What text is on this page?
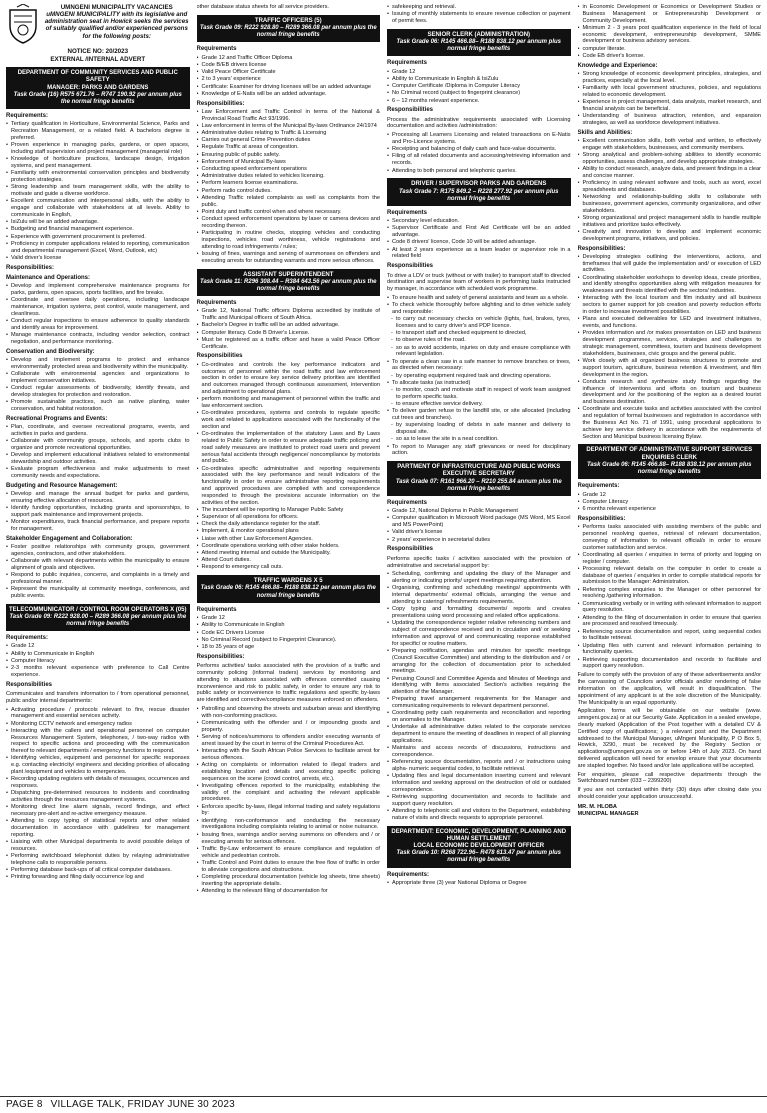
UMNGENI MUNICIPALITY VACANCIES
uMNGENI MUNICIPALITY with its legislative and administration seat in Howick seeks the services of suitably qualified and/or experienced persons for the following posts:
NOTICE NO: 20/2023
EXTERNAL /INTERNAL ADVERT
DEPARTMENT OF COMMUNITY SERVICES AND PUBLIC SAFETY
MANAGER: PARKS AND GARDENS
Task Grade (16) R575 671.76 – R747 190.92 per annum plus the normal fringe benefits
Requirements:
• Tertiary qualification in Horticulture, Environmental Science, Parks and Recreation Management, or a related field. A bachelors degree is preferred.
• Proven experience in managing parks, gardens, or open spaces, including staff supervision and project management (managerial role)
• Knowledge of horticulture practices, landscape design, irrigation systems, and pest management.
• Familiarity with environmental conservation principles and biodiversity protection strategies.
• Strong leadership and team management skills, with the ability to motivate and guide a diverse workforce.
• Excellent communication and interpersonal skills, with the ability to engage and collaborate with stakeholders at all levels. Ability to communicate in English,
• IsiZulu will be an added advantage.
• Budgeting and financial management experience.
• Experience with government procurement is preferred.
• Proficiency in computer applications related to reporting, communication and departmental management (Excel, Word, Outlook, etc)
• Valid driver's license
Responsibilities:
Maintenance and Operations:
• Develop and implement comprehensive maintenance programs for parks, gardens, open spaces, sports facilities, and fire breaks.
• Coordinate and oversee daily operations, including landscape maintenance, irrigation systems, pest control, waste management, and cleanliness.
• Conduct regular inspections to ensure adherence to quality standards and identify areas for improvement.
• Manage maintenance contracts, including vendor selection, contract negotiation, and performance monitoring.
Conservation and Biodiversity:
• Develop and implement programs to protect and enhance environmentally protected areas and biodiversity within the municipality.
• Collaborate with environmental agencies and organizations to implement conservation initiatives.
• Conduct regular assessments of biodiversity, identify threats, and develop strategies for protection and restoration.
• Promote sustainable practices, such as native planting, water conservation, and habitat restoration.
Recreational Programs and Events:
• Plan, coordinate, and oversee recreational programs, events, and activities in parks and gardens.
• Collaborate with community groups, schools, and sports clubs to organize and promote recreational opportunities.
• Develop and implement educational initiatives related to environmental stewardship and outdoor activities.
• Evaluate program effectiveness and make adjustments to meet community needs and expectations.
Budgeting and Resource Management:
• Develop and manage the annual budget for parks and gardens, ensuring effective allocation of resources.
• Identify funding opportunities, including grants and sponsorships, to support park maintenance and improvement projects.
• Monitor expenditures, track financial performance, and prepare reports for management.
Stakeholder Engagement and Collaboration:
• Foster positive relationships with community groups, government agencies, contractors, and other stakeholders.
• Collaborate with relevant departments within the municipality to ensure alignment of goals and objectives.
• Respond to public inquiries, concerns, and complaints in a timely and professional manner.
• Represent the municipality at community meetings, conferences, and public events.
TELECOMMUNICATOR / CONTROL ROOM OPERATORS X (05)
Task Grade 09: R222 928.00 – R289 366.08 per annum plus the normal fringe benefits
Requirements:
• Grade 12
• Ability to Communicate in English
• Computer literacy
• 2-3 months relevant experience with preference to Call Centre experience.
Responsibilities

Communicates and transfers information to / from operational personnel, public and/or internal departments:

• Activating procedure / protocols relevant to fire, rescue disaster management and essential services activity.
• Monitoring CCTV network and emergency radios
• Interacting with the callers and operational personnel on computer Resources Management System, telephones, / two-way radios with respect to specific actions and proceeding with the communication thereof to relevant departments / emergency functions to respond.
• Identifying vehicles, equipment and personnel for specific responses e.g. contacting electricity/ engineers and deciding priorities of allocating plant /equipment and vehicles to emergencies.
• Recording updating registers with details of messages, occurrences and responses.
• Dispatching pre-determined resources to incidents and coordinating activities through the resources management systems.
• Monitoring direct line alarm signals, record findings, and effect necessary pre-alert and re-active emergency measure.
• Attending to copy typing of statistical reports and other related documentation in accordance with guidelines for management reporting.
• Liaising with other Municipal departments to avoid possible delays of resources.
• Performing switchboard telephonist duties by relaying administrative telephone calls to responsible persons.
• Performing database back-ups of all critical computer databases.
• Printing forwarding and filing daily occurrence log and
other database status sheets for all service providers.
TRAFFIC OFFICERS (5)
Task Grade 09: R222 928.80 – R289 366.08 per annum plus the normal fringe benefits
Requirements
• Grade 12 and Traffic Officer Diploma
• Code B/EB drivers license
• Valid Peace Officer Certificate
• 2 to 3 years' experience
• Certificate: Examiner for driving licenses will be an added advantage
• Knowledge of E-Natis will be an added advantage.
Responsibilities:
• Law Enforcement and Traffic Control in terms of the National & Provincial Road Traffic Act 93/1996.
• Law enforcement in terms of the Municipal By-laws Ordinance 24/1974
• Administrative duties relating to Traffic & Licensing
• Carries out general Crime Prevention duties
• Regulate Traffic at areas of congestion.
• Ensuring public of public safety.
• Enforcement of Municipal By-laws
• Conducting speed enforcement operations
• Administrative duties related to vehicles licensing.
• Perform learners license examinations.
• Perform radio control duties.
• Attending Traffic related complaints as well as complaints from the public.
• Point duty and traffic control when and where necessary.
• Conduct speed enforcement operations by laser or camera devices and recording thereon.
• Participating in routine checks, stopping vehicles and conducting inspections, vehicles road worthiness, vehicle registrations and attending to road infringements / rules;
• Issuing of fines, warnings and serving of summonses on offenders and executing arrests for outstanding warrants and more serious offences.
ASSISTANT SUPERINTENDENT
Task Grade 11: R296 308.44 – R384 643.56 per annum plus the normal fringe benefits
Requirements
• Grade 12, National Traffic officers Diploma accredited by institute of Traffic and Municipal officers of South Africa.
• Bachelor's Degree in traffic will be an added advantage.
• Computer literacy. Code B Driver's License.
• Must be registered as a traffic officer and have a valid Peace Officer Certificate.
Responsibilities
• Co-ordinates and controls the key performance indicators and outcomes of personnel within the road traffic and law enforcement section in order to ensure key service delivery priorities are identified and outcomes managed through continuous assessment, intervention and adjustment to operational plans.
• perform monitoring and management of personnel within the traffic and law enforcement section.
• Co-ordinates procedures, systems and controls to regulate specific work and related to applications associated with the functionality of the section and
• Co-ordinates the implementation of the statutory Laws and By Laws related to Public Safety in order to ensure adequate traffic policing and road safety measures are instituted to protect road users and prevent serious fatal accidents through negligence/ noncompliance by motorists and public.
• Co-ordinates specific administrative and reporting requirements associated with the key performance and result indicators of the functionality in order to ensure administrative reporting requirements and approved procedures are complied with and correspondence responded to through the provisions accurate information on the activities of the section.
• The incumbent will be reporting to Manager Public Safety
• Supervisor of all operations for officers.
• Check the daily attendance register for the staff.
• Implement, & monitor operational plans
• Liaise with other Law Enforcement Agencies.
• Coordinate operations working with other stake holders.
• Attend meeting internal and outside the Municipality.
• Attend Court duties.
• Respond to emergency call outs.
TRAFFIC WARDENS X 5
Task Grade 06: R145 466.88– R188 838.12 per annum plus the normal fringe benefits
Requirements
• Grade 12
• Ability to Communicate in English
• Code EC Drivers License
• No Criminal Record (subject to Fingerprint Clearance).
• 18 to 35 years of age
Responsibilities:

Performs activities/ tasks associated with the provision of a traffic and community policing (informal traders) services by monitoring and attending to situations associated with offences committed causing inconvenience and risk to public safety, in order to ensure any risk to public safety or inconvenience to traffic regulations and specific by-laws are identified and corrective/compliance measures enforced on offenders.

• Patrolling and observing the streets and suburban areas and identifying with non-conforming practices.
• Communicating with the offender and / or impounding goods and property.
• Serving of notices/summons to offenders and/or executing warrants of arrest issued by the court in terms of the Criminal Procedures Act.
• Interacting with the South African Police Services to facilitate arrest for serious offences.
• Acting on complaints or information related to illegal traders and establishing location and details and executing specific policing sequences on the scene (crowd control, arrests, etc.).
• Investigating offences reported to the municipality, establishing the validity of the complaint and activating the relevant applicable procedures.
• Enforces specific by-laws, illegal informal trading and safety regulations by:
• identifying non-conformance and conducting the necessary investigations including complaints relating to animal or noise nuisance.
• Issuing fines, warnings and/or serving summons on offenders and / or executing arrests for serious offences.
• Traffic By-Law enforcement to ensure compliance and regulation of vehicle and pedestrian controls.
• Traffic Control and Point duties to ensure the free flow of traffic in order to alleviate congestions and obstructions.
• Completing procedural documentation (vehicle log sheets, time sheets) inserting the appropriate details.
• Attending to the relevant filing of documentation for
• safekeeping and retrieval.
• Issuing of monthly statements to ensure revenue collection or payment of permit fees.
SENIOR CLERK (ADMINISTRATION)
Task Grade 06: R145 466.88– R188 838.12 per annum plus normal fringe benefits
Requirements
• Grade 12
• Ability to Communicate in English & IsiZulu
• Computer Certificate /Diploma in Computer Literacy
• No Criminal record (subject to fingerprint clearance)
• 6 – 12 months relevant experience.
Responsibilities

Process the administrative requirements associated with Licensing documentation and activities /administration:

• Processing all Learners Licensing and related transactions on E-Natis and Pro-Licence systems.
• Receipting and balancing of daily cash and face-value documents.
• Filing of all related documents and accessing/retrieving information and records.
• Attending to both personal and telephonic queries.
DRIVER / SUPERVISOR PARKS AND GARDENS
Task Grade 7: R175 849.2 – R228 277.92 per annum plus normal fringe benefits
Requirements
• Secondary level education.
• Supervisor Certificate and First Aid Certificate will be an added advantage.
• Code 8 drivers' licence, Code 10 will be added advantage.
• At least 2 years experience as a team leader or supervisor role in a related field
Responsibilities

To drive a LDV or truck (without or with trailer) to transport staff to directed destination and supervise team of workers in performing tasks instructed by manager, in accordance with scheduled work programme.

• To ensure health and safety of general assistants and team as a whole.
• To check vehicle thoroughly before alighting and to drive vehicle safely and responsible:
- to carry out necessary checks on vehicle (lights, fuel, brakes, tyres, licenses and to carry driver's and PDP licence.
- to transport staff and checked equipment to directed,
- to observe rules of the road.
- so as to avoid accidents, injuries on duty and ensure compliance with relevant legislation.
• To operate a clean saw in a safe manner to remove branches or trees, as directed when necessary:
- by operating equipment required task and directing operations.
• To allocate tasks (as instructed)
- to monitor, coach and motivate staff in respect of work team assigned to perform specific tasks.
- to ensure effective service delivery.
• To deliver garden refuse to the landfill site, or site allocated (including cut trees and branches).
- by supervising loading of debris in safe manner and delivery to disposal site.
- so as to leave the site in a neat condition.
• To report to Manager any staff grievances or need for disciplinary action.
PARTMENT OF INFRASTRUCTURE AND PUBLIC WORKS
EXECUTIVE SECRETARY
Task Grade 07: R161 966.20 – R210 255.84 annum plus the normal fringe benefits
Requirements
• Grade 12, National Diploma in Public Management
• Computer qualification in Microsoft Word package (MS Word, MS Excel and MS PowerPoint)
• Valid driver's license
• 2 years' experience in secretarial duties
Responsibilities

Performs specific tasks / activities associated with the provision of administrative and secretarial support by:

• Scheduling, confirming and updating the diary of the Manager and alerting or indicating priority/ urgent meetings requiring attention.
• Organising, confirming and scheduling meetings/ appointments with internal departments/ external officials, arranging the venue and attending to catering/ refreshments requirements.
• Copy typing and formatting documents/ reports and creates presentations using word processing and related office applications.
• Updating the correspondence register relative referencing numbers and subject of correspondence received and in circulation and/ or seeking information and approval of and communicating response established for specific/ or routine matters.
• Preparing notification, agendas and minutes for specific meetings (Council Executive Committee) and attending to the distribution and / or arranging for the collection of documentation prior to scheduled meetings.
• Perusing Council and Committee Agenda and Minutes of Meetings and identifying with items associated Section's activities requiring the attention of the Manager.
• Preparing travel arrangement requirements for the Manager and communicating requirements to relevant department personnel.
• Coordinating petty cash requirements and reconciliation and reporting on anomalies to the Manager.
• Undertake all administrative duties related to the corporate services department to ensure the meeting of deadlines in respect of all planning applications.
• Maintains and access records of discussions, instructions and correspondence.
• Referencing source documentation, reports and / or instructions using alpha- numeric sequential codes, to facilitate retrieval.
• Updating files and legal documentation inserting current and relevant information and seeking approval on the destruction of old or outdated correspondence.
• Retrieving supporting documentation and records to facilitate and support query resolution.
• Attending to telephonic call and visitors to the Department, establishing nature of visits and directs requests to appropriate personnel.
DEPARTMENT: ECONOMIC, DEVELOPMENT, PLANNING AND HUMAN SETTLEMENT
LOCAL ECONOMIC DEVELOPMENT OFFICER
Task Grade 10: R268 722.96– R478 613.47 per annum plus normal fringe benefits
Requirements:
• Appropriate three (3) year National Diploma or Degree
• in Economic Development or Economics or Development Studies or Business Management or Entrepreneurship Development or Community Development.
• Minimum 2 - 3 years post qualification experience in the field of local economic development, entrepreneurship development, SMME development or business advisory services.
• computer literate.
• Code EB driver's license.
Knowledge and Experience:
• Strong knowledge of economic development principles, strategies, and practices, especially at the local level.
• Familiarity with local government structures, policies, and regulations related to economic development.
• Experience in project management, data analysis, market research, and financial analysis can be beneficial.
• Understanding of business attraction, retention, and expansion strategies, as well as workforce development initiatives.
Skills and Abilities:
• Excellent communication skills, both verbal and written, to effectively engage with stakeholders, businesses, and community members.
• Strong analytical and problem-solving abilities to identify economic opportunities, assess challenges, and develop appropriate strategies.
• Ability to conduct research, analyze data, and present findings in a clear and concise manner.
• Proficiency in using relevant software and tools, such as word, excel spreadsheets and databases.
• Networking and relationship-building skills to collaborate with businesses, government agencies, community organizations, and other stakeholders.
• Strong organizational and project management skills to handle multiple initiatives and prioritize tasks effectively.
• Creativity and innovation to develop and implement economic development programs, initiatives, and policies.
Responsibilities:
• Developing strategies outlining the interventions, actions, and timeframes that will guide the implementation and/ or execution of LED activities.
• Coordinating stakeholder workshops to develop ideas, create priorities, and identify strengths opportunities along with mitigation measures for weaknesses and threats identified with the sectors/ industries.
• Interacting with the local tourism and film industry and all business sectors to garner support for job creation and poverty reduction efforts in order to increase investment possibilities.
• Plans and executed deliverables for LED and investment initiatives, events, and functions.
• Provides information and /or makes presentation on LED and business development programmes, services, strategies and challenges to strategic management, committees, tourism and business development stakeholders, businesses, civic groups and the general public.
• Work closely with all organized business structures to promote and support tourism, agriculture, business retention & investment, and film development in the region.
• Conducts research and synthesize study findings regarding the influence of interventions and efforts on tourism and business development and /or the positioning of the region as a desired tourist and business destination.
• Coordinate and execute tasks and activities associated with the control and regulation of formal businesses and registration in accordance with the Business Act No. 71 of 1991, using procedural applications to achieve key service delivery in accordance with the requirements of Section and Municipal business licensing Bylaw.
DEPARTMENT OF ADMINISTRATIVE SUPPORT SERVICES
ENQUIRIES CLERK
Task Grade 06: R145 466.88– R188 838.12 per annum plus normal fringe benefits
Requirements:
• Grade 12
• Computer Literacy
• 6 months relevant experience
Responsibilities:
• Performs tasks associated with assisting members of the public and personnel resolving queries, retrieval of relevant documentation, conveying of information to relevant official/s in order to ensure customer satisfaction and service.
• Coordinating all queries / enquiries in terms of priority and logging on register / computer.
• Processing relevant details on the computer in order to create a database of queries / enquiries in order to compile statistical reports for submission to the Manager: Administration.
• Referring complex enquiries to the Manager or other personnel for resolving /gathering information.
• Communicating verbally or in writing with relevant information to support query resolution.
• Attending to the filing of documentation in order to ensure that queries are processed and resolved timeously.
• Referencing source documentation and report, using sequential codes to facilitate retrieval.
• Updating files with current and relevant information pertaining to functionality queries.
• Retrieving supporting documentation and records to facilitate and support query resolution.

Failure to comply with the provision of any of these advertisements and/or the canvassing of Councilors and/or officials and/or rendering of false information on the application, will result in disqualification. The appointment of any applicant is at the sole discretion of the Municipality. The Municipality is an equal opportunity.

Application forms will be obtainable on our website (www. umngeni.gov.za) or at our Security Gate. Application in a sealed envelope, clearly marked (Application of the Post together with a detailed CV & Certified copy of qualifications; ) a relevant post and the Department addressed to the Municipal Manager, uMngeni Municipality, P O Box 5, Howick, 3290, must be received by the Registry Section or applications@umngeni.gov.za on or before 14th of July 2023. On hand delivered application will need for envelop ensure that your documents are stapled together. No faxed and/or late applications will be accepted.

For enquiries, please call respective departments through the Switchboard number (033 – 2399200)

If you are not contacted within thirty (30) days after closing date you should consider your application unsuccessful.

MR. M. HLOBA
MUNICIPAL MANAGER
PAGE 8 VILLAGE TALK, FRIDAY JUNE 30 2023
